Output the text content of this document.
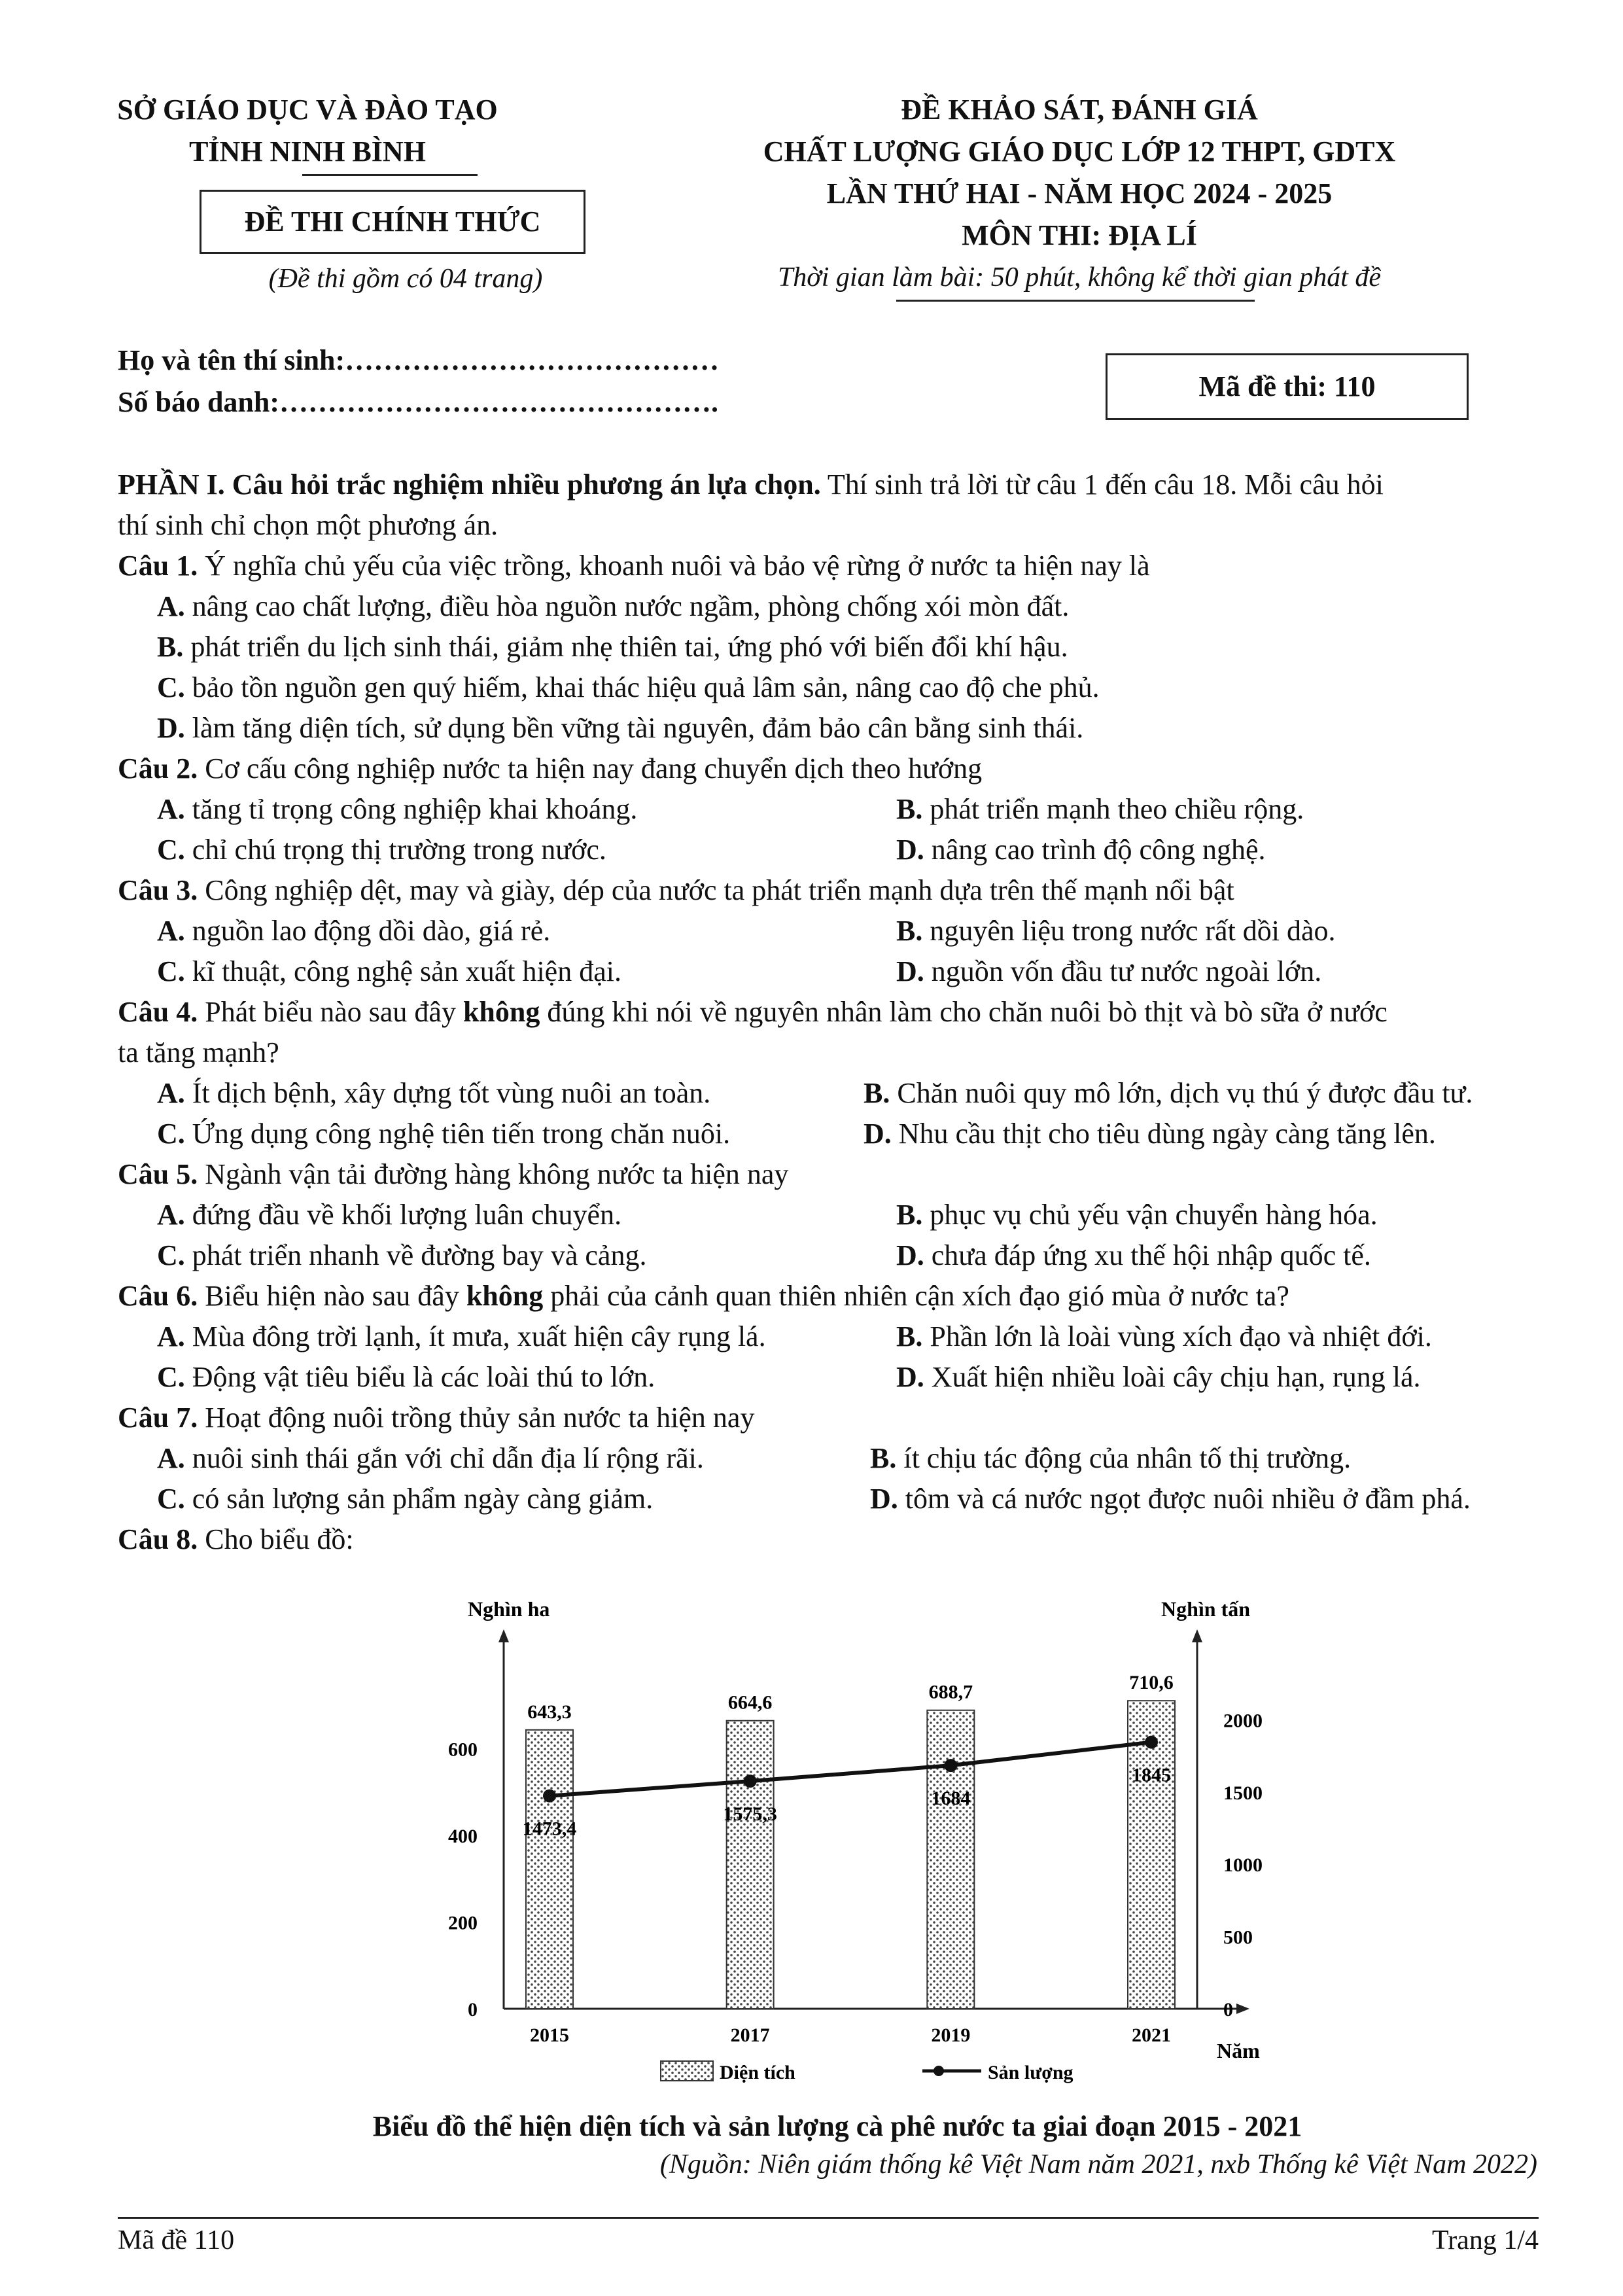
SỞ GIÁO DỤC VÀ ĐÀO TẠO
TỈNH NINH BÌNH
ĐỀ THI CHÍNH THỨC
(Đề thi gồm có 04 trang)
ĐỀ KHẢO SÁT, ĐÁNH GIÁ
CHẤT LƯỢNG GIÁO DỤC LỚP 12 THPT, GDTX
LẦN THỨ HAI - NĂM HỌC 2024 - 2025
MÔN THI: ĐỊA LÍ
Thời gian làm bài: 50 phút, không kể thời gian phát đề
Họ và tên thí sinh:…………………………………
Số báo danh:……………………………………….	Mã đề thi: 110
PHẦN I. Câu hỏi trắc nghiệm nhiều phương án lựa chọn. Thí sinh trả lời từ câu 1 đến câu 18. Mỗi câu hỏi
thí sinh chỉ chọn một phương án.
Câu 1. Ý nghĩa chủ yếu của việc trồng, khoanh nuôi và bảo vệ rừng ở nước ta hiện nay là
A. nâng cao chất lượng, điều hòa nguồn nước ngầm, phòng chống xói mòn đất.
B. phát triển du lịch sinh thái, giảm nhẹ thiên tai, ứng phó với biến đổi khí hậu.
C. bảo tồn nguồn gen quý hiếm, khai thác hiệu quả lâm sản, nâng cao độ che phủ.
D. làm tăng diện tích, sử dụng bền vững tài nguyên, đảm bảo cân bằng sinh thái.
Câu 2. Cơ cấu công nghiệp nước ta hiện nay đang chuyển dịch theo hướng
A. tăng tỉ trọng công nghiệp khai khoáng.	B. phát triển mạnh theo chiều rộng.
C. chỉ chú trọng thị trường trong nước.	D. nâng cao trình độ công nghệ.
Câu 3. Công nghiệp dệt, may và giày, dép của nước ta phát triển mạnh dựa trên thế mạnh nổi bật
A. nguồn lao động dồi dào, giá rẻ.	B. nguyên liệu trong nước rất dồi dào.
C. kĩ thuật, công nghệ sản xuất hiện đại.	D. nguồn vốn đầu tư nước ngoài lớn.
Câu 4. Phát biểu nào sau đây không đúng khi nói về nguyên nhân làm cho chăn nuôi bò thịt và bò sữa ở nước
ta tăng mạnh?
A. Ít dịch bệnh, xây dựng tốt vùng nuôi an toàn.	B. Chăn nuôi quy mô lớn, dịch vụ thú ý được đầu tư.
C. Ứng dụng công nghệ tiên tiến trong chăn nuôi.	D. Nhu cầu thịt cho tiêu dùng ngày càng tăng lên.
Câu 5. Ngành vận tải đường hàng không nước ta hiện nay
A. đứng đầu về khối lượng luân chuyển.	B. phục vụ chủ yếu vận chuyển hàng hóa.
C. phát triển nhanh về đường bay và cảng.	D. chưa đáp ứng xu thế hội nhập quốc tế.
Câu 6. Biểu hiện nào sau đây không phải của cảnh quan thiên nhiên cận xích đạo gió mùa ở nước ta?
A. Mùa đông trời lạnh, ít mưa, xuất hiện cây rụng lá.	B. Phần lớn là loài vùng xích đạo và nhiệt đới.
C. Động vật tiêu biểu là các loài thú to lớn.	D. Xuất hiện nhiều loài cây chịu hạn, rụng lá.
Câu 7. Hoạt động nuôi trồng thủy sản nước ta hiện nay
A. nuôi sinh thái gắn với chỉ dẫn địa lí rộng rãi.	B. ít chịu tác động của nhân tố thị trường.
C. có sản lượng sản phẩm ngày càng giảm.	D. tôm và cá nước ngọt được nuôi nhiều ở đầm phá.
Câu 8. Cho biểu đồ:
Nghìn ha	Nghìn tấn
Năm
0
200
400
600
0
500
1000
1500
2000
643,3
2015
664,6
2017
688,7
2019
710,6
2021
1473,4
1575,3
1684
1845
Diện tích	Sản lượng
Biểu đồ thể hiện diện tích và sản lượng cà phê nước ta giai đoạn 2015 - 2021
(Nguồn: Niên giám thống kê Việt Nam năm 2021, nxb Thống kê Việt Nam 2022)
Mã đề 110	Trang 1/4
